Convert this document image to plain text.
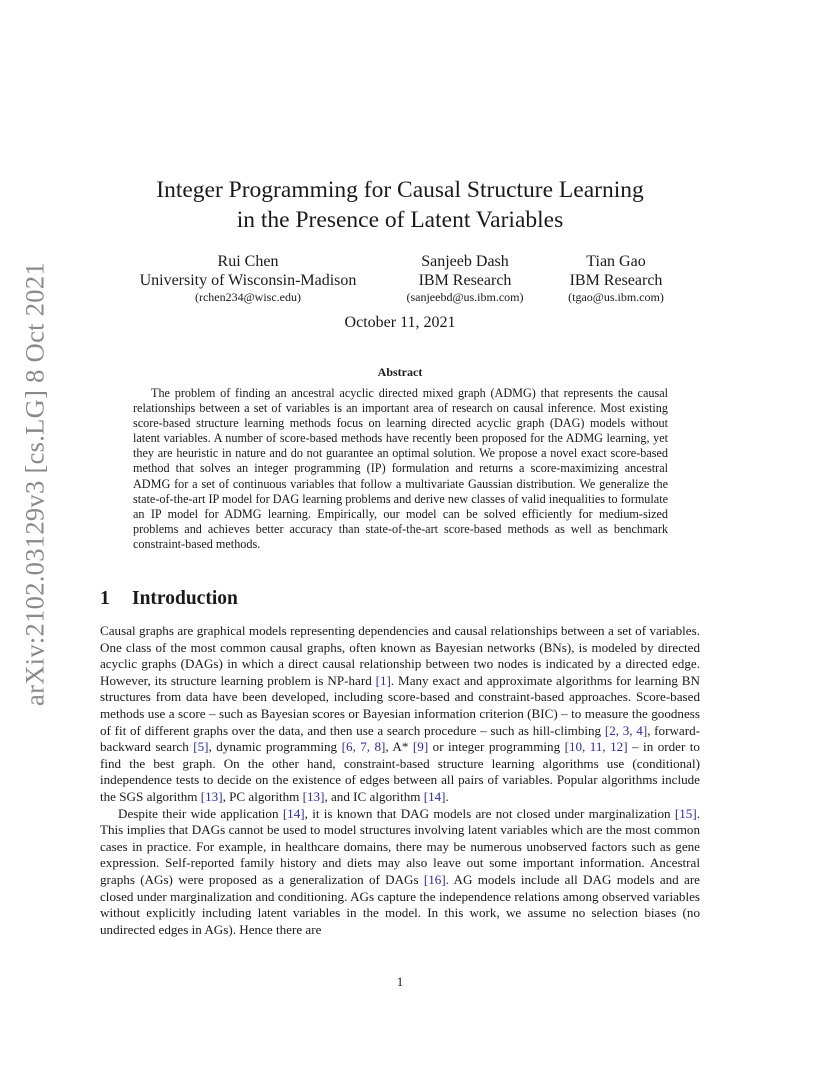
arXiv:2102.03129v3 [cs.LG] 8 Oct 2021
Integer Programming for Causal Structure Learning
in the Presence of Latent Variables
Rui Chen
University of Wisconsin-Madison
(rchen234@wisc.edu)
Sanjeeb Dash
IBM Research
(sanjeebd@us.ibm.com)
Tian Gao
IBM Research
(tgao@us.ibm.com)
October 11, 2021
Abstract

The problem of finding an ancestral acyclic directed mixed graph (ADMG) that represents the causal relationships between a set of variables is an important area of research on causal inference. Most existing score-based structure learning methods focus on learning directed acyclic graph (DAG) models without latent variables. A number of score-based methods have recently been proposed for the ADMG learning, yet they are heuristic in nature and do not guarantee an optimal solution. We propose a novel exact score-based method that solves an integer programming (IP) formulation and returns a score-maximizing ancestral ADMG for a set of continuous variables that follow a multivariate Gaussian distribution. We generalize the state-of-the-art IP model for DAG learning problems and derive new classes of valid inequalities to formulate an IP model for ADMG learning. Empirically, our model can be solved efficiently for medium-sized problems and achieves better accuracy than state-of-the-art score-based methods as well as benchmark constraint-based methods.

1 Introduction

Causal graphs are graphical models representing dependencies and causal relationships between a set of variables. One class of the most common causal graphs, often known as Bayesian networks (BNs), is modeled by directed acyclic graphs (DAGs) in which a direct causal relationship between two nodes is indicated by a directed edge. However, its structure learning problem is NP-hard [1]. Many exact and approximate algorithms for learning BN structures from data have been developed, including score-based and constraint-based approaches. Score-based methods use a score – such as Bayesian scores or Bayesian information criterion (BIC) – to measure the goodness of fit of different graphs over the data, and then use a search procedure – such as hill-climbing [2, 3, 4], forward-backward search [5], dynamic programming [6, 7, 8], A* [9] or integer programming [10, 11, 12] – in order to find the best graph. On the other hand, constraint-based structure learning algorithms use (conditional) independence tests to decide on the existence of edges between all pairs of variables. Popular algorithms include the SGS algorithm [13], PC algorithm [13], and IC algorithm [14].

Despite their wide application [14], it is known that DAG models are not closed under marginalization [15]. This implies that DAGs cannot be used to model structures involving latent variables which are the most common cases in practice. For example, in healthcare domains, there may be numerous unobserved factors such as gene expression. Self-reported family history and diets may also leave out some important information. Ancestral graphs (AGs) were proposed as a generalization of DAGs [16]. AG models include all DAG models and are closed under marginalization and conditioning. AGs capture the independence relations among observed variables without explicitly including latent variables in the model. In this work, we assume no selection biases (no undirected edges in AGs). Hence there are

1
